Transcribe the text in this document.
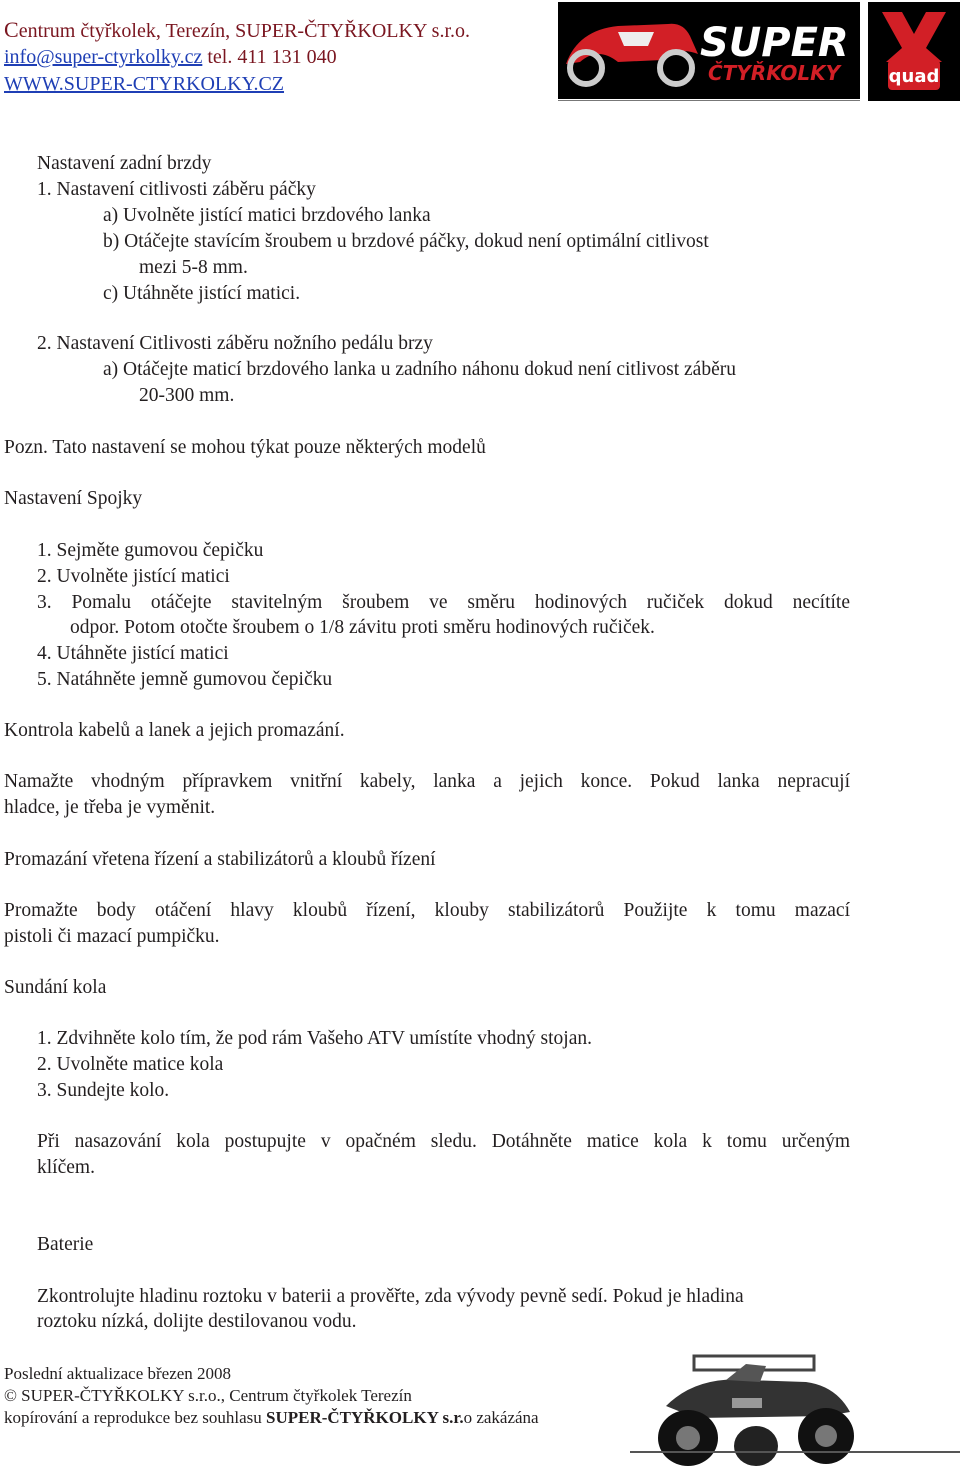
Centrum čtyřkolek, Terezín, SUPER-ČTYŘKOLKY s.r.o.
info@super-ctyrkolky.cz tel. 411 131 040
WWW.SUPER-CTYRKOLKY.CZ
SUPER
ČTYŘKOLKY	quad
Nastavení zadní brzdy
1. Nastavení citlivosti záběru páčky
a) Uvolněte jistící matici brzdového lanka
b) Otáčejte stavícím šroubem u brzdové páčky, dokud není optimální citlivost
mezi 5-8 mm.
c) Utáhněte jistící matici.
2. Nastavení Citlivosti záběru nožního pedálu brzy
a) Otáčejte maticí brzdového lanka u zadního náhonu dokud není citlivost záběru
20-300 mm.
Pozn. Tato nastavení se mohou týkat pouze některých modelů
Nastavení Spojky
1. Sejměte gumovou čepičku
2. Uvolněte jistící matici
3. Pomalu otáčejte stavitelným šroubem ve směru hodinových ručiček dokud necítíte
odpor. Potom otočte šroubem o 1/8 závitu proti směru hodinových ručiček.
4. Utáhněte jistící matici
5. Natáhněte jemně gumovou čepičku
Kontrola kabelů a lanek a jejich promazání.
Namažte vhodným přípravkem vnitřní kabely, lanka a jejich konce. Pokud lanka nepracují
hladce, je třeba je vyměnit.
Promazání vřetena řízení a stabilizátorů a kloubů řízení
Promažte body otáčení hlavy kloubů řízení, klouby stabilizátorů Použijte k tomu mazací
pistoli či mazací pumpičku.
Sundání kola
1. Zdvihněte kolo tím, že pod rám Vašeho ATV umístíte vhodný stojan.
2. Uvolněte matice kola
3. Sundejte kolo.
Při nasazování kola postupujte v opačném sledu. Dotáhněte matice kola k tomu určeným
klíčem.
Baterie
Zkontrolujte hladinu roztoku v baterii a prověřte, zda vývody pevně sedí. Pokud je hladina
roztoku nízká, dolijte destilovanou vodu.
Poslední aktualizace březen 2008
© SUPER-ČTYŘKOLKY s.r.o., Centrum čtyřkolek Terezín
kopírování a reprodukce bez souhlasu SUPER-ČTYŘKOLKY s.r.o zakázána
